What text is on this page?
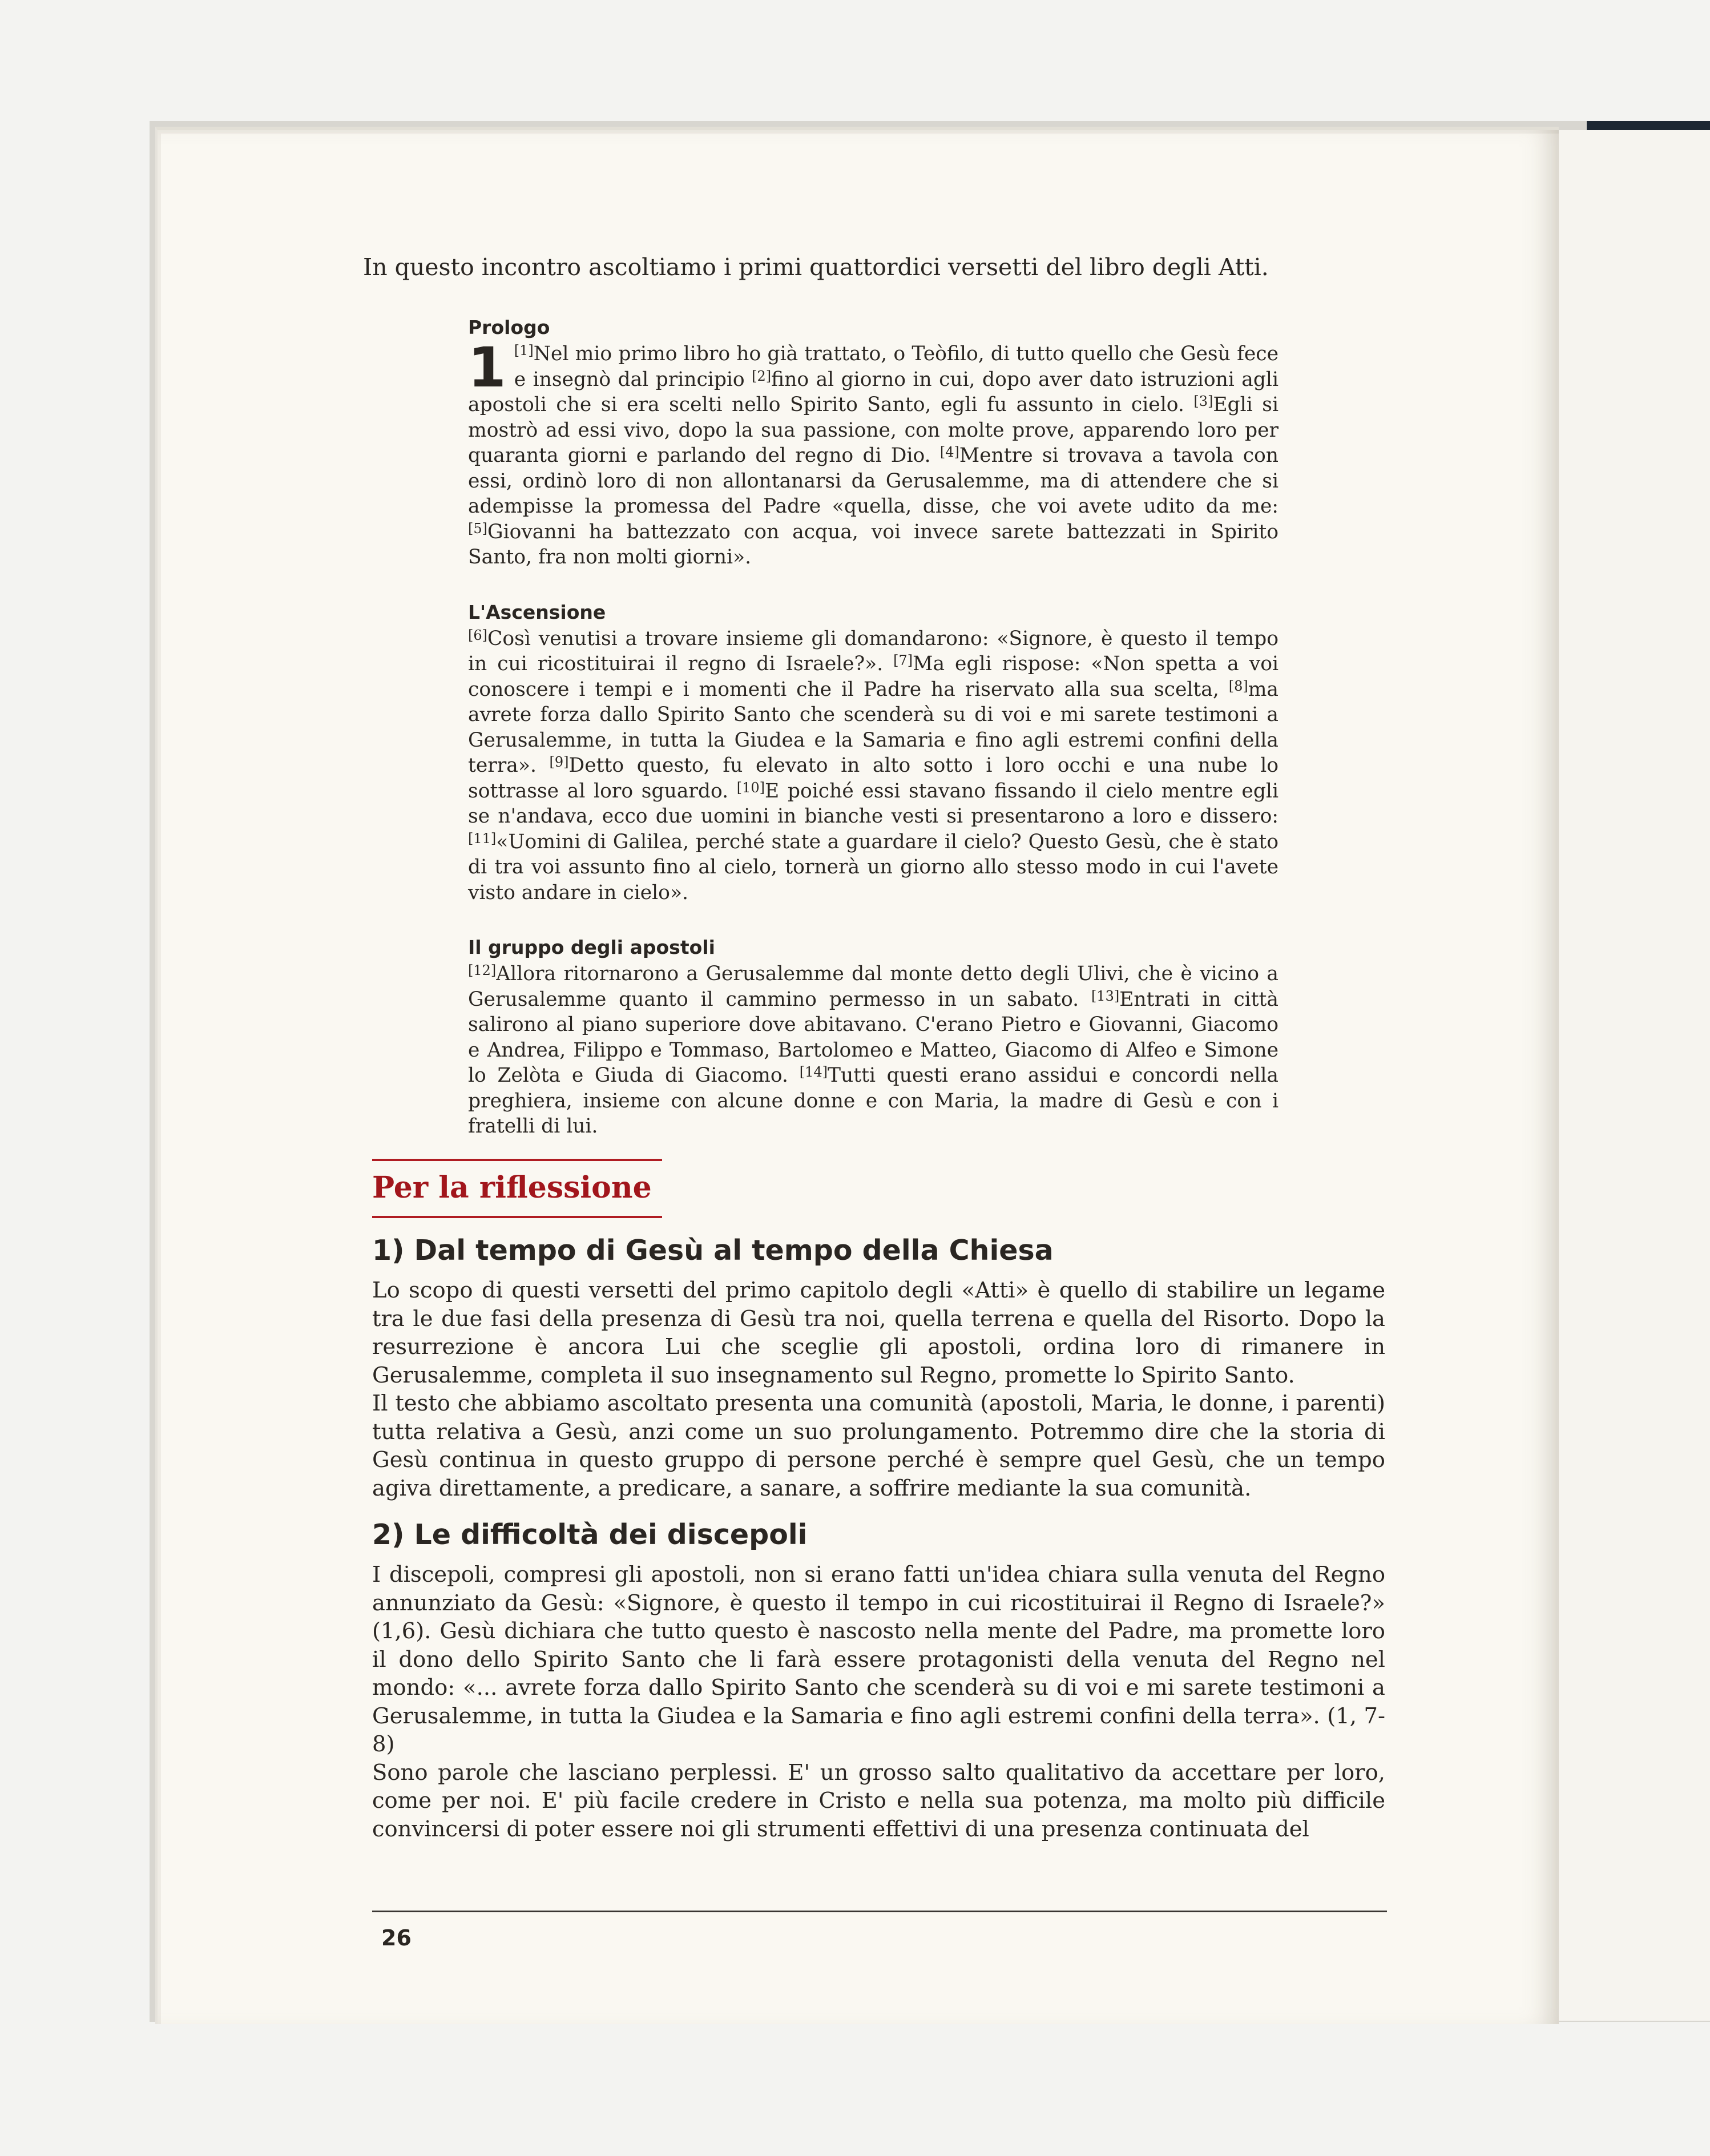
In questo incontro ascoltiamo i primi quattordici versetti del libro degli Atti.

Prologo

1 [1]Nel mio primo libro ho già trattato, o Teòfilo, di tutto quello che Gesù fece e insegnò dal principio [2]fino al giorno in cui, dopo aver dato istruzioni agli apostoli che si era scelti nello Spirito Santo, egli fu assunto in cielo. [3]Egli si mostrò ad essi vivo, dopo la sua passione, con molte prove, apparendo loro per quaranta giorni e parlando del regno di Dio. [4]Mentre si trovava a tavola con essi, ordinò loro di non allontanarsi da Gerusalemme, ma di attendere che si adempisse la promessa del Padre «quella, disse, che voi avete udito da me: [5]Giovanni ha battezzato con acqua, voi invece sarete battezzati in Spirito Santo, fra non molti giorni».

L'Ascensione

[6]Così venutisi a trovare insieme gli domandarono: «Signore, è questo il tempo in cui ricostituirai il regno di Israele?». [7]Ma egli rispose: «Non spetta a voi conoscere i tempi e i momenti che il Padre ha riservato alla sua scelta, [8]ma avrete forza dallo Spirito Santo che scenderà su di voi e mi sarete testimoni a Gerusalemme, in tutta la Giudea e la Samaria e fino agli estremi confini della terra». [9]Detto questo, fu elevato in alto sotto i loro occhi e una nube lo sottrasse al loro sguardo. [10]E poiché essi stavano fissando il cielo mentre egli se n'andava, ecco due uomini in bianche vesti si presentarono a loro e dissero: [11]«Uomini di Galilea, perché state a guardare il cielo? Questo Gesù, che è stato di tra voi assunto fino al cielo, tornerà un giorno allo stesso modo in cui l'avete visto andare in cielo».

Il gruppo degli apostoli

[12]Allora ritornarono a Gerusalemme dal monte detto degli Ulivi, che è vicino a Gerusalemme quanto il cammino permesso in un sabato. [13]Entrati in città salirono al piano superiore dove abitavano. C'erano Pietro e Giovanni, Giacomo e Andrea, Filippo e Tommaso, Bartolomeo e Matteo, Giacomo di Alfeo e Simone lo Zelòta e Giuda di Giacomo. [14]Tutti questi erano assidui e concordi nella preghiera, insieme con alcune donne e con Maria, la madre di Gesù e con i fratelli di lui.

Per la riflessione

1) Dal tempo di Gesù al tempo della Chiesa

Lo scopo di questi versetti del primo capitolo degli «Atti» è quello di stabilire un legame tra le due fasi della presenza di Gesù tra noi, quella terrena e quella del Risorto. Dopo la resurrezione è ancora Lui che sceglie gli apostoli, ordina loro di rimanere in Gerusalemme, completa il suo insegnamento sul Regno, promette lo Spirito Santo.

Il testo che abbiamo ascoltato presenta una comunità (apostoli, Maria, le donne, i parenti) tutta relativa a Gesù, anzi come un suo prolungamento. Potremmo dire che la storia di Gesù continua in questo gruppo di persone perché è sempre quel Gesù, che un tempo agiva direttamente, a predicare, a sanare, a soffrire mediante la sua comunità.

2) Le difficoltà dei discepoli

I discepoli, compresi gli apostoli, non si erano fatti un'idea chiara sulla venuta del Regno annunziato da Gesù: «Signore, è questo il tempo in cui ricostituirai il Regno di Israele?» (1,6). Gesù dichiara che tutto questo è nascosto nella mente del Padre, ma promette loro il dono dello Spirito Santo che li farà essere protagonisti della venuta del Regno nel mondo: «... avrete forza dallo Spirito Santo che scenderà su di voi e mi sarete testimoni a Gerusalemme, in tutta la Giudea e la Samaria e fino agli estremi confini della terra». (1, 7-8)

Sono parole che lasciano perplessi. E' un grosso salto qualitativo da accettare per loro, come per noi. E' più facile credere in Cristo e nella sua potenza, ma molto più difficile convincersi di poter essere noi gli strumenti effettivi di una presenza continuata del

26
